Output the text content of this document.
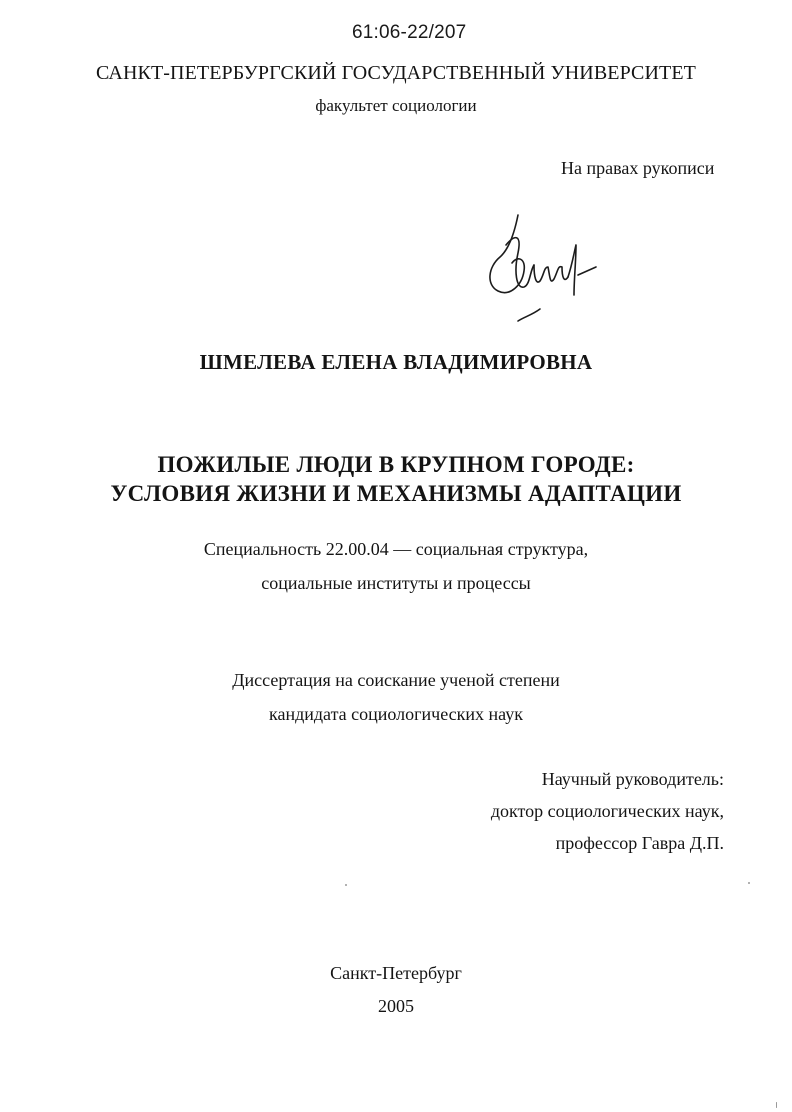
61:06-22/207
САНКТ-ПЕТЕРБУРГСКИЙ ГОСУДАРСТВЕННЫЙ УНИВЕРСИТЕТ
факультет социологии
На правах рукописи
ШМЕЛЕВА ЕЛЕНА ВЛАДИМИРОВНА
ПОЖИЛЫЕ ЛЮДИ В КРУПНОМ ГОРОДЕ:
УСЛОВИЯ ЖИЗНИ И МЕХАНИЗМЫ АДАПТАЦИИ
Специальность 22.00.04 — социальная структура,
социальные институты и процессы
Диссертация на соискание ученой степени
кандидата социологических наук
Научный руководитель:
доктор социологических наук,
профессор Гавра Д.П.
Санкт-Петербург
2005
